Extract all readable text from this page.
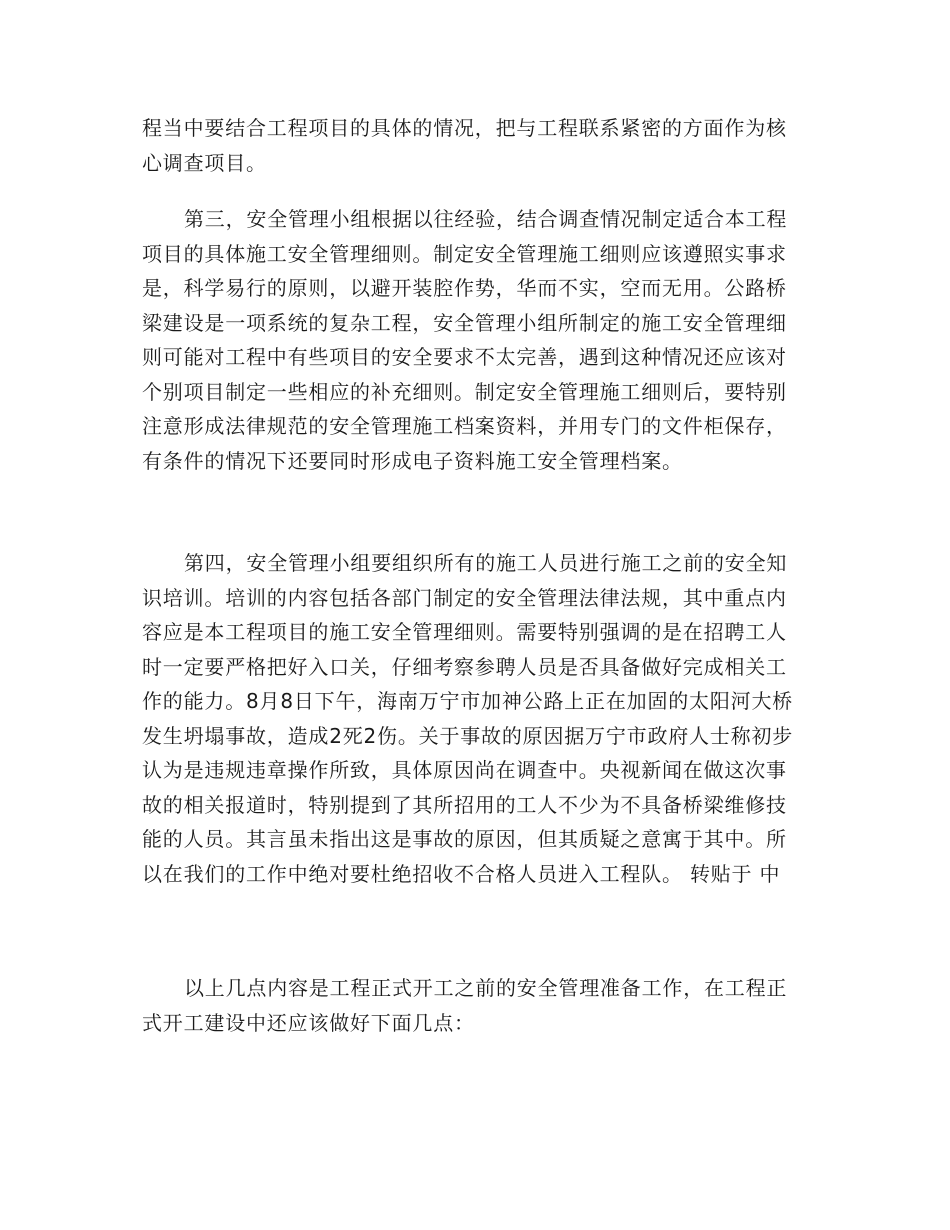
程当中要结合工程项目的具体的情况，把与工程联系紧密的方面作为核心调查项目。

第三，安全管理小组根据以往经验，结合调查情况制定适合本工程项目的具体施工安全管理细则。制定安全管理施工细则应该遵照实事求是，科学易行的原则，以避开装腔作势，华而不实，空而无用。公路桥梁建设是一项系统的复杂工程，安全管理小组所制定的施工安全管理细则可能对工程中有些项目的安全要求不太完善，遇到这种情况还应该对个别项目制定一些相应的补充细则。制定安全管理施工细则后，要特别注意形成法律规范的安全管理施工档案资料，并用专门的文件柜保存，有条件的情况下还要同时形成电子资料施工安全管理档案。

第四，安全管理小组要组织所有的施工人员进行施工之前的安全知识培训。培训的内容包括各部门制定的安全管理法律法规，其中重点内容应是本工程项目的施工安全管理细则。需要特别强调的是在招聘工人时一定要严格把好入口关，仔细考察参聘人员是否具备做好完成相关工作的能力。8月8日下午，海南万宁市加神公路上正在加固的太阳河大桥发生坍塌事故，造成2死2伤。关于事故的原因据万宁市政府人士称初步认为是违规违章操作所致，具体原因尚在调查中。央视新闻在做这次事故的相关报道时，特别提到了其所招用的工人不少为不具备桥梁维修技能的人员。其言虽未指出这是事故的原因，但其质疑之意寓于其中。所以在我们的工作中绝对要杜绝招收不合格人员进入工程队。 转贴于 中

以上几点内容是工程正式开工之前的安全管理准备工作，在工程正式开工建设中还应该做好下面几点：
